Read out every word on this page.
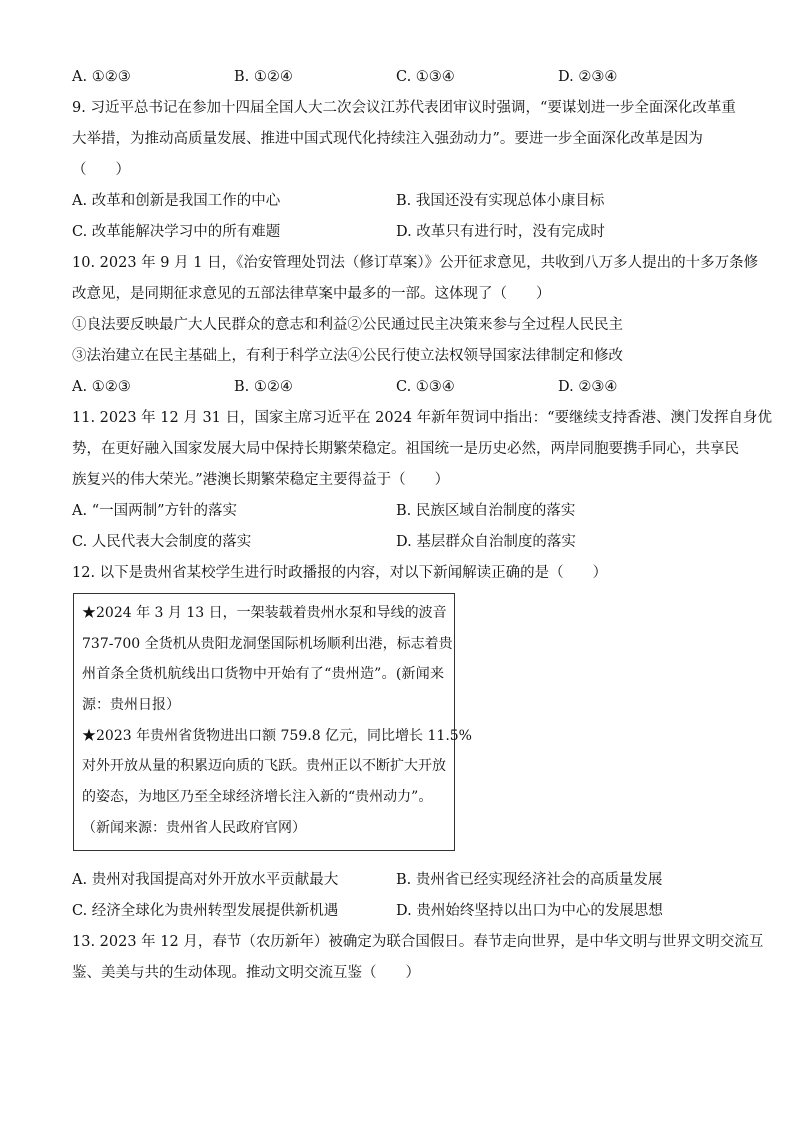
A. ①②③	B. ①②④	C. ①③④	D. ②③④
9. 习近平总书记在参加十四届全国人大二次会议江苏代表团审议时强调，“要谋划进一步全面深化改革重
大举措，为推动高质量发展、推进中国式现代化持续注入强劲动力”。要进一步全面深化改革是因为
（　　）
A. 改革和创新是我国工作的中心	B. 我国还没有实现总体小康目标
C. 改革能解决学习中的所有难题	D. 改革只有进行时，没有完成时
10. 2023 年 9 月 1 日，《治安管理处罚法（修订草案）》公开征求意见，共收到八万多人提出的十多万条修
改意见，是同期征求意见的五部法律草案中最多的一部。这体现了（　　）
①良法要反映最广大人民群众的意志和利益②公民通过民主决策来参与全过程人民民主
③法治建立在民主基础上，有利于科学立法④公民行使立法权领导国家法律制定和修改
A. ①②③	B. ①②④	C. ①③④	D. ②③④
11. 2023 年 12 月 31 日，国家主席习近平在 2024 年新年贺词中指出：“要继续支持香港、澳门发挥自身优
势，在更好融入国家发展大局中保持长期繁荣稳定。祖国统一是历史必然，两岸同胞要携手同心，共享民
族复兴的伟大荣光。”港澳长期繁荣稳定主要得益于（　　）
A. “一国两制”方针的落实	B. 民族区域自治制度的落实
C. 人民代表大会制度的落实	D. 基层群众自治制度的落实
12. 以下是贵州省某校学生进行时政播报的内容，对以下新闻解读正确的是（　　）
★2024 年 3 月 13 日，一架装载着贵州水泵和导线的波音
737-700 全货机从贵阳龙洞堡国际机场顺利出港，标志着贵
州首条全货机航线出口货物中开始有了“贵州造”。(新闻来
源：贵州日报）
★2023 年贵州省货物进出口额 759.8 亿元，同比增长 11.5%
对外开放从量的积累迈向质的飞跃。贵州正以不断扩大开放
的姿态，为地区乃至全球经济增长注入新的“贵州动力”。
（新闻来源：贵州省人民政府官网）
A. 贵州对我国提高对外开放水平贡献最大	B. 贵州省已经实现经济社会的高质量发展
C. 经济全球化为贵州转型发展提供新机遇	D. 贵州始终坚持以出口为中心的发展思想
13. 2023 年 12 月，春节（农历新年）被确定为联合国假日。春节走向世界，是中华文明与世界文明交流互
鉴、美美与共的生动体现。推动文明交流互鉴（　　）
